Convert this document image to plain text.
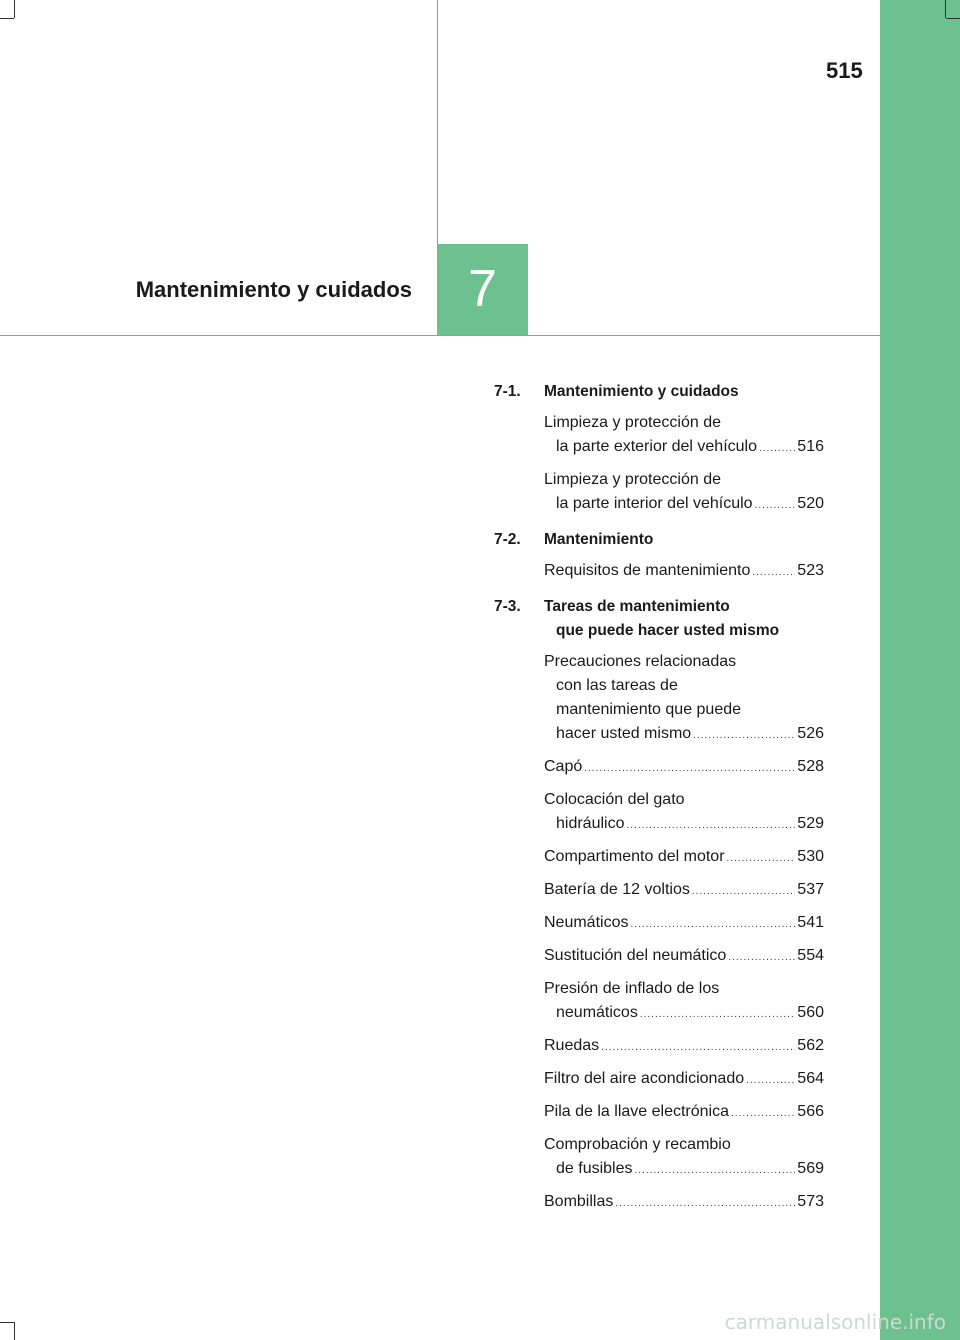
515
Mantenimiento y cuidados	7
7-1. Mantenimiento y cuidados
Limpieza y protección de
la parte exterior del vehículo .....	516
Limpieza y protección de
la parte interior del vehículo .....	520
7-2. Mantenimiento
Requisitos de mantenimiento .....	523
7-3. Tareas de mantenimiento
que puede hacer usted mismo
Precauciones relacionadas
con las tareas de
mantenimiento que puede
hacer usted mismo .....	526
Capó .....	528
Colocación del gato
hidráulico .....	529
Compartimento del motor .....	530
Batería de 12 voltios .....	537
Neumáticos .....	541
Sustitución del neumático .....	554
Presión de inflado de los
neumáticos .....	560
Ruedas .....	562
Filtro del aire acondicionado .....	564
Pila de la llave electrónica .....	566
Comprobación y recambio
de fusibles .....	569
Bombillas .....	573
carmanualsonline.info
